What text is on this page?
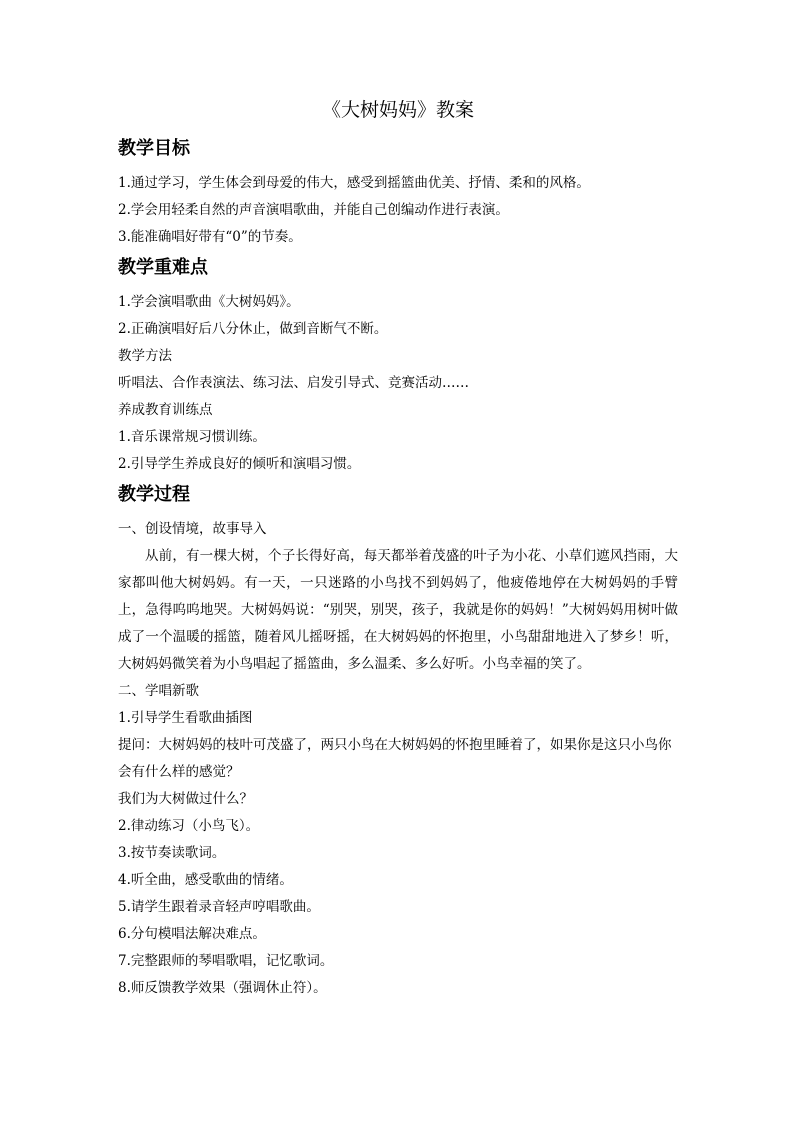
《大树妈妈》教案
教学目标
1.通过学习，学生体会到母爱的伟大，感受到摇篮曲优美、抒情、柔和的风格。
2.学会用轻柔自然的声音演唱歌曲，并能自己创编动作进行表演。
3.能准确唱好带有“0”的节奏。
教学重难点
1.学会演唱歌曲《大树妈妈》。
2.正确演唱好后八分休止，做到音断气不断。
教学方法
听唱法、合作表演法、练习法、启发引导式、竞赛活动……
养成教育训练点
1.音乐课常规习惯训练。
2.引导学生养成良好的倾听和演唱习惯。
教学过程
一、创设情境，故事导入
从前，有一棵大树，个子长得好高，每天都举着茂盛的叶子为小花、小草们遮风挡雨，大家都叫他大树妈妈。有一天，一只迷路的小鸟找不到妈妈了，他疲倦地停在大树妈妈的手臂上，急得呜呜地哭。大树妈妈说：“别哭，别哭，孩子，我就是你的妈妈！”大树妈妈用树叶做成了一个温暖的摇篮，随着风儿摇呀摇，在大树妈妈的怀抱里，小鸟甜甜地进入了梦乡！听，大树妈妈微笑着为小鸟唱起了摇篮曲，多么温柔、多么好听。小鸟幸福的笑了。
二、学唱新歌
1.引导学生看歌曲插图
提问：大树妈妈的枝叶可茂盛了，两只小鸟在大树妈妈的怀抱里睡着了，如果你是这只小鸟你会有什么样的感觉？
我们为大树做过什么？
2.律动练习（小鸟飞）。
3.按节奏读歌词。
4.听全曲，感受歌曲的情绪。
5.请学生跟着录音轻声哼唱歌曲。
6.分句模唱法解决难点。
7.完整跟师的琴唱歌唱，记忆歌词。
8.师反馈教学效果（强调休止符）。
